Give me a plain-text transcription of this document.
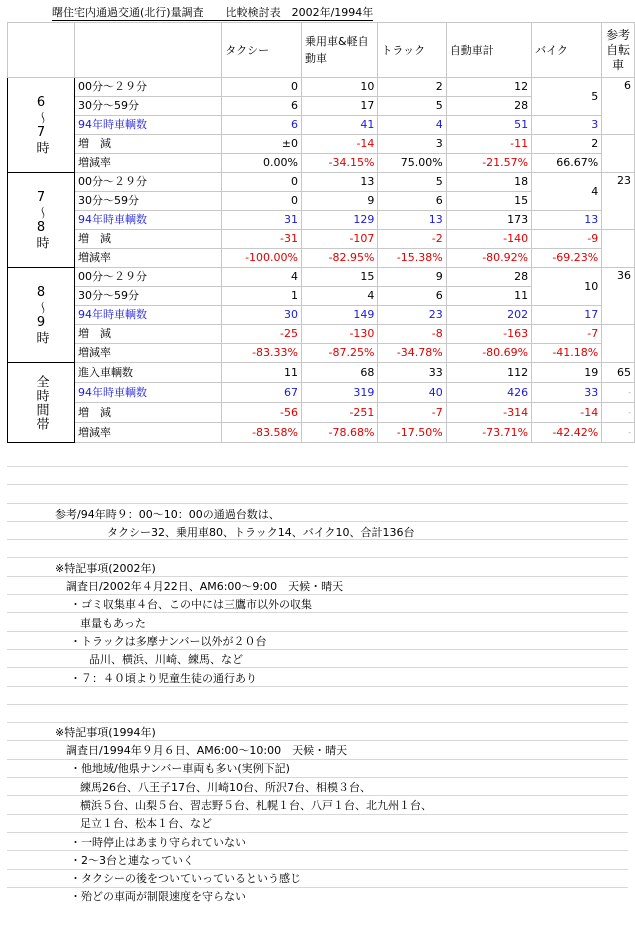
曙住宅内通過交通(北行)量調査　　比較検討表　2002年/1994年
		タクシー	乗用車&軽自動車	トラック	自動車計	バイク	参考自転車
6〜7時	00分〜２９分	0	10	2	12	5	6
	30分〜59分	6	17	5	28		
	94年時車輌数	6	41	4	51	3	
	増　減	±0	-14	3	-11	2	
	増減率	0.00%	-34.15%	75.00%	-21.57%	66.67%	
7〜8時	00分〜２９分	0	13	5	18	4	23
	30分〜59分	0	9	6	15		
	94年時車輌数	31	129	13	173	13	
	増　減	-31	-107	-2	-140	-9	
	増減率	-100.00%	-82.95%	-15.38%	-80.92%	-69.23%	
8〜9時	00分〜２９分	4	15	9	28	10	36
	30分〜59分	1	4	6	11		
	94年時車輌数	30	149	23	202	17	
	増　減	-25	-130	-8	-163	-7	
	増減率	-83.33%	-87.25%	-34.78%	-80.69%	-41.18%	
全時間帯	進入車輌数	11	68	33	112	19	65
	94年時車輌数	67	319	40	426	33	-
	増　減	-56	-251	-7	-314	-14	-
	増減率	-83.58%	-78.68%	-17.50%	-73.71%	-42.42%	-
参考/94年時９：00〜10：00の通過台数は、
タクシー32、乗用車80、トラック14、バイク10、合計136台
※特記事項(2002年)
調査日/2002年４月22日、AM6:00〜9:00　天候・晴天
・ゴミ収集車４台、この中には三鷹市以外の収集
車量もあった
・トラックは多摩ナンバー以外が２０台
品川、横浜、川崎、練馬、など
・７：４０頃より児童生徒の通行あり
※特記事項(1994年)
調査日/1994年９月６日、AM6:00〜10:00　天候・晴天
・他地域/他県ナンバー車両も多い(実例下記)
練馬26台、八王子17台、川崎10台、所沢7台、相模３台、
横浜５台、山梨５台、習志野５台、札幌１台、八戸１台、北九州１台、
足立１台、松本１台、など
・一時停止はあまり守られていない
・2〜3台と連なっていく
・タクシーの後をついていっているという感じ
・殆どの車両が制限速度を守らない
